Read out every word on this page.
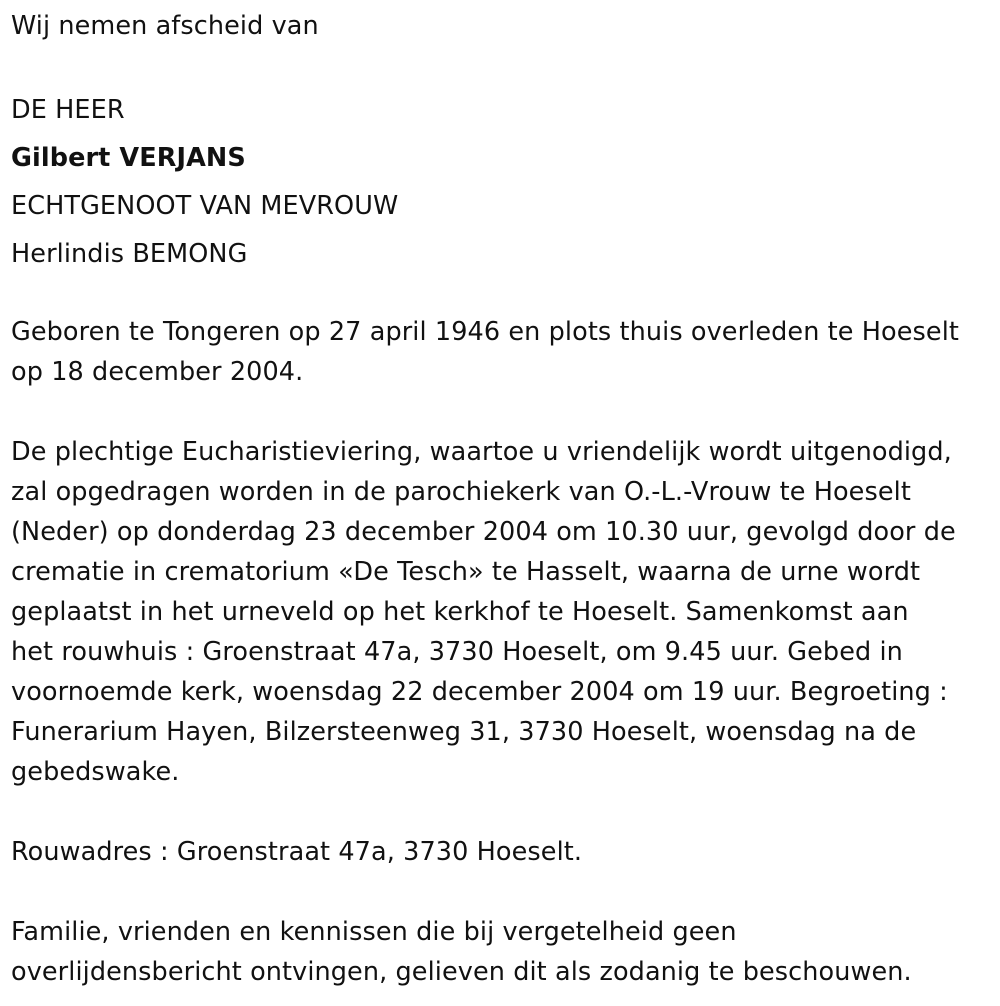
Wij nemen afscheid van
DE HEER
Gilbert VERJANS
ECHTGENOOT VAN MEVROUW
Herlindis BEMONG
Geboren te Tongeren op 27 april 1946 en plots thuis overleden te Hoeselt
op 18 december 2004.
De plechtige Eucharistieviering, waartoe u vriendelijk wordt uitgenodigd,
zal opgedragen worden in de parochiekerk van O.-L.-Vrouw te Hoeselt
(Neder) op donderdag 23 december 2004 om 10.30 uur, gevolgd door de
crematie in crematorium «De Tesch» te Hasselt, waarna de urne wordt
geplaatst in het urneveld op het kerkhof te Hoeselt. Samenkomst aan
het rouwhuis : Groenstraat 47a, 3730 Hoeselt, om 9.45 uur. Gebed in
voornoemde kerk, woensdag 22 december 2004 om 19 uur. Begroeting :
Funerarium Hayen, Bilzersteenweg 31, 3730 Hoeselt, woensdag na de
gebedswake.
Rouwadres : Groenstraat 47a, 3730 Hoeselt.
Familie, vrienden en kennissen die bij vergetelheid geen
overlijdensbericht ontvingen, gelieven dit als zodanig te beschouwen.
